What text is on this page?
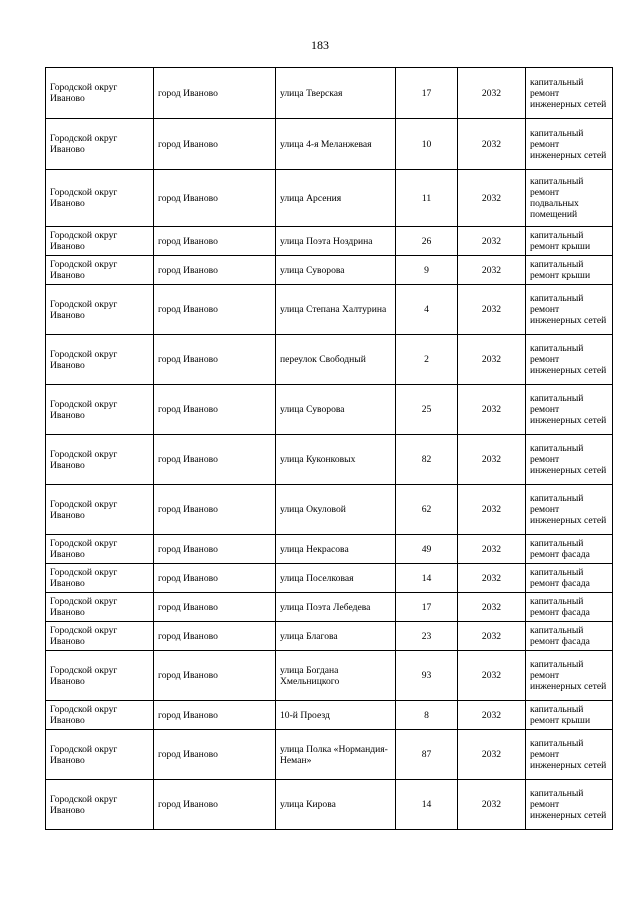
183
Городской округ Иваново	город Иваново	улица Тверская	17	2032	капитальный ремонт инженерных сетей
Городской округ Иваново	город Иваново	улица 4-я Меланжевая	10	2032	капитальный ремонт инженерных сетей
Городской округ Иваново	город Иваново	улица Арсения	11	2032	капитальный ремонт подвальных помещений
Городской округ Иваново	город Иваново	улица Поэта Ноздрина	26	2032	капитальный ремонт крыши
Городской округ Иваново	город Иваново	улица Суворова	9	2032	капитальный ремонт крыши
Городской округ Иваново	город Иваново	улица Степана Халтурина	4	2032	капитальный ремонт инженерных сетей
Городской округ Иваново	город Иваново	переулок Свободный	2	2032	капитальный ремонт инженерных сетей
Городской округ Иваново	город Иваново	улица Суворова	25	2032	капитальный ремонт инженерных сетей
Городской округ Иваново	город Иваново	улица Куконковых	82	2032	капитальный ремонт инженерных сетей
Городской округ Иваново	город Иваново	улица Окуловой	62	2032	капитальный ремонт инженерных сетей
Городской округ Иваново	город Иваново	улица Некрасова	49	2032	капитальный ремонт фасада
Городской округ Иваново	город Иваново	улица Поселковая	14	2032	капитальный ремонт фасада
Городской округ Иваново	город Иваново	улица Поэта Лебедева	17	2032	капитальный ремонт фасада
Городской округ Иваново	город Иваново	улица Благова	23	2032	капитальный ремонт фасада
Городской округ Иваново	город Иваново	улица Богдана Хмельницкого	93	2032	капитальный ремонт инженерных сетей
Городской округ Иваново	город Иваново	10-й Проезд	8	2032	капитальный ремонт крыши
Городской округ Иваново	город Иваново	улица Полка «Нормандия-Неман»	87	2032	капитальный ремонт инженерных сетей
Городской округ Иваново	город Иваново	улица Кирова	14	2032	капитальный ремонт инженерных сетей
